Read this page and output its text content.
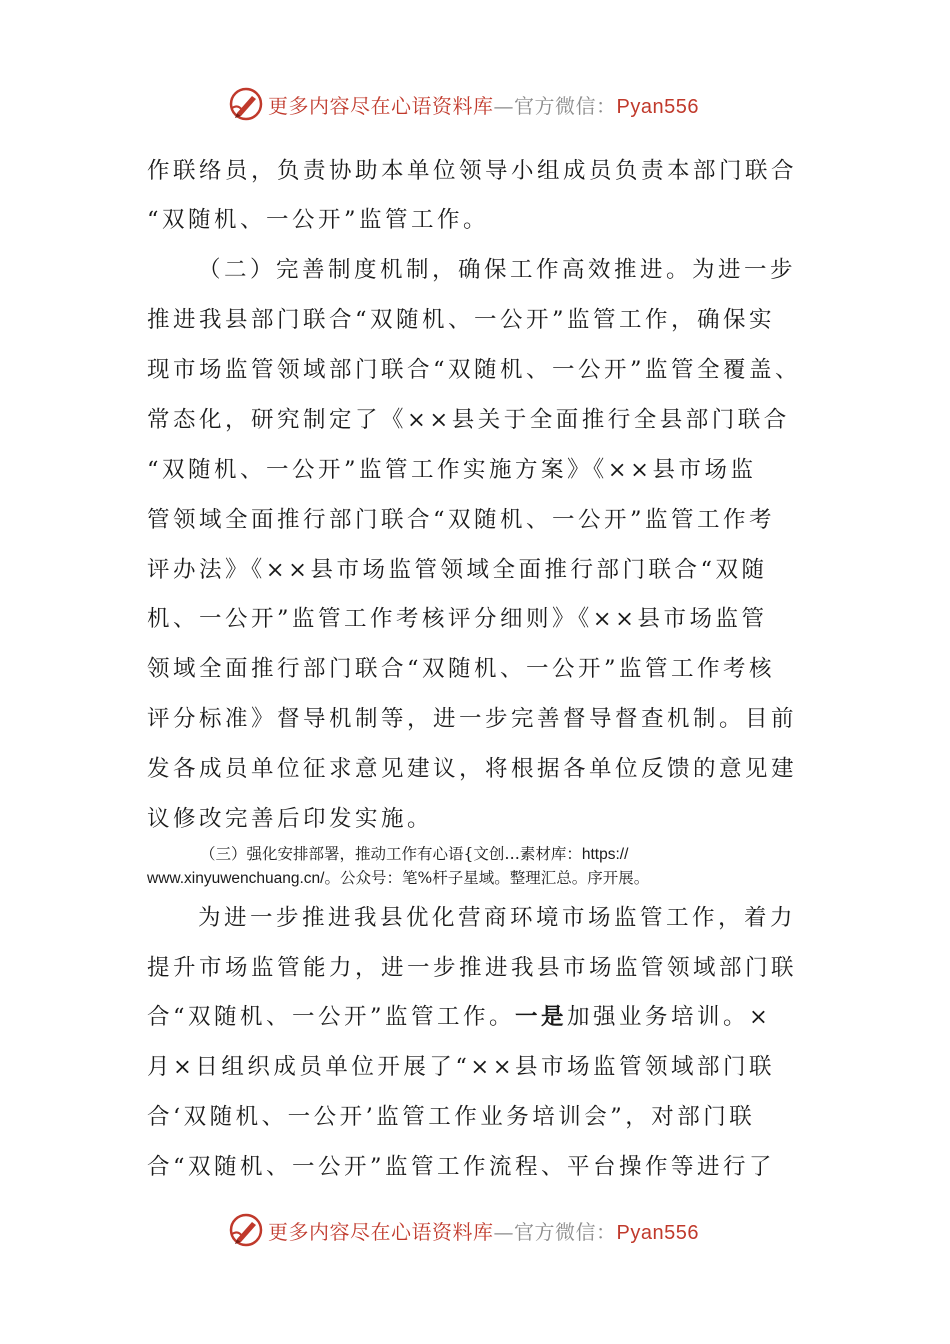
更多内容尽在心语资料库—官方微信：Pyan556
作联络员，负责协助本单位领导小组成员负责本部门联合
“双随机、一公开”监管工作。
（二）完善制度机制，确保工作高效推进。为进一步
推进我县部门联合“双随机、一公开”监管工作，确保实
现市场监管领域部门联合“双随机、一公开”监管全覆盖、
常态化，研究制定了《××县关于全面推行全县部门联合
“双随机、一公开”监管工作实施方案》《××县市场监
管领域全面推行部门联合“双随机、一公开”监管工作考
评办法》《××县市场监管领域全面推行部门联合“双随
机、一公开”监管工作考核评分细则》《××县市场监管
领域全面推行部门联合“双随机、一公开”监管工作考核
评分标准》督导机制等，进一步完善督导督查机制。目前
发各成员单位征求意见建议，将根据各单位反馈的意见建
议修改完善后印发实施。
（三）强化安排部署，推动工作有心语{文创…素材库：https://
www.xinyuwenchuang.cn/。公众号：笔%杆子星域。整理汇总。序开展。
为进一步推进我县优化营商环境市场监管工作，着力
提升市场监管能力，进一步推进我县市场监管领域部门联
合“双随机、一公开”监管工作。一是加强业务培训。×
月×日组织成员单位开展了“××县市场监管领域部门联
合‘双随机、一公开’监管工作业务培训会”，对部门联
合“双随机、一公开”监管工作流程、平台操作等进行了
更多内容尽在心语资料库—官方微信：Pyan556
